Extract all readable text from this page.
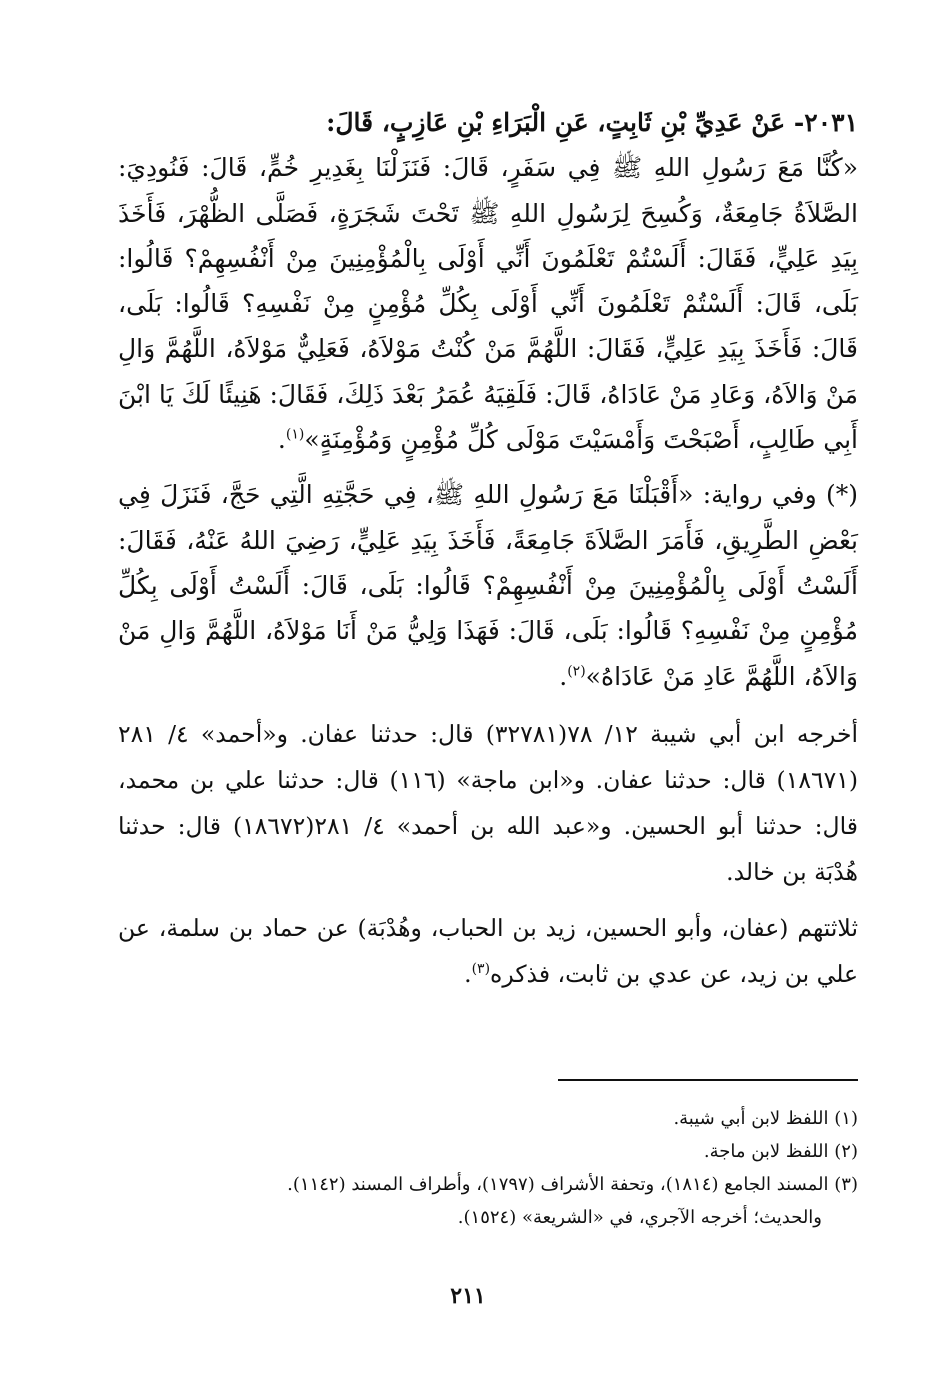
٢٠٣١- عَنْ عَدِيِّ بْنِ ثَابِتٍ، عَنِ الْبَرَاءِ بْنِ عَازِبٍ، قَالَ:

«كُنَّا مَعَ رَسُولِ اللهِ ﷺ فِي سَفَرٍ، قَالَ: فَنَزَلْنَا بِغَدِيرِ خُمٍّ، قَالَ: فَنُودِيَ: الصَّلاَةُ جَامِعَةٌ، وَكُسِحَ لِرَسُولِ اللهِ ﷺ تَحْتَ شَجَرَةٍ، فَصَلَّى الظُّهْرَ، فَأَخَذَ بِيَدِ عَلِيٍّ، فَقَالَ: أَلَسْتُمْ تَعْلَمُونَ أَنِّي أَوْلَى بِالْمُؤْمِنِينَ مِنْ أَنْفُسِهِمْ؟ قَالُوا: بَلَى، قَالَ: أَلَسْتُمْ تَعْلَمُونَ أَنِّي أَوْلَى بِكُلِّ مُؤْمِنٍ مِنْ نَفْسِهِ؟ قَالُوا: بَلَى، قَالَ: فَأَخَذَ بِيَدِ عَلِيٍّ، فَقَالَ: اللَّهُمَّ مَنْ كُنْتُ مَوْلاَهُ، فَعَلِيٌّ مَوْلاَهُ، اللَّهُمَّ وَالِ مَنْ وَالاَهُ، وَعَادِ مَنْ عَادَاهُ، قَالَ: فَلَقِيَهُ عُمَرُ بَعْدَ ذَلِكَ، فَقَالَ: هَنِيئًا لَكَ يَا ابْنَ أَبِي طَالِبٍ، أَصْبَحْتَ وَأَمْسَيْتَ مَوْلَى كُلِّ مُؤْمِنٍ وَمُؤْمِنَةٍ»$^{(١)}$.

(*) وفي رواية: «أَقْبَلْنَا مَعَ رَسُولِ اللهِ ﷺ، فِي حَجَّتِهِ الَّتِي حَجَّ، فَنَزَلَ فِي بَعْضِ الطَّرِيقِ، فَأَمَرَ الصَّلاَةَ جَامِعَةً، فَأَخَذَ بِيَدِ عَلِيٍّ، رَضِيَ اللهُ عَنْهُ، فَقَالَ: أَلَسْتُ أَوْلَى بِالْمُؤْمِنِينَ مِنْ أَنْفُسِهِمْ؟ قَالُوا: بَلَى، قَالَ: أَلَسْتُ أَوْلَى بِكُلِّ مُؤْمِنٍ مِنْ نَفْسِهِ؟ قَالُوا: بَلَى، قَالَ: فَهَذَا وَلِيُّ مَنْ أَنَا مَوْلاَهُ، اللَّهُمَّ وَالِ مَنْ وَالاَهُ، اللَّهُمَّ عَادِ مَنْ عَادَاهُ»$^{(٢)}$.

أخرجه ابن أبي شيبة ١٢/ ٧٨(٣٢٧٨١) قال: حدثنا عفان. و«أحمد» ٤/ ٢٨١ (١٨٦٧١) قال: حدثنا عفان. و«ابن ماجة» (١١٦) قال: حدثنا علي بن محمد، قال: حدثنا أبو الحسين. و«عبد الله بن أحمد» ٤/ ٢٨١(١٨٦٧٢) قال: حدثنا هُدْبَة بن خالد.

ثلاثتهم (عفان، وأبو الحسين، زيد بن الحباب، وهُدْبَة) عن حماد بن سلمة، عن علي بن زيد، عن عدي بن ثابت، فذكره$^{(٣)}$.

(١) اللفظ لابن أبي شيبة.

(٢) اللفظ لابن ماجة.

(٣) المسند الجامع (١٨١٤)، وتحفة الأشراف (١٧٩٧)، وأطراف المسند (١١٤٢).

والحديث؛ أخرجه الآجري، في «الشريعة» (١٥٢٤).

٢١١
